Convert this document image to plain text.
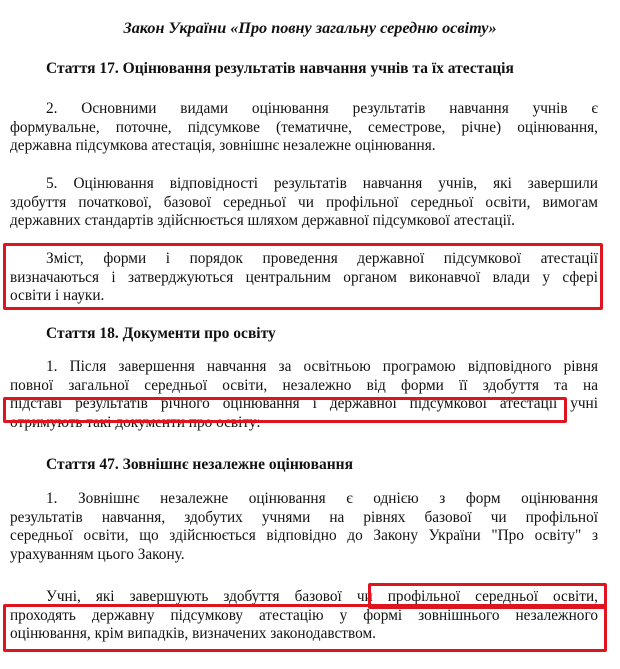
Закон України «Про повну загальну середню освіту»
Стаття 17. Оцінювання результатів навчання учнів та їх атестація

2. Основними видами оцінювання результатів навчання учнів є
формувальне, поточне, підсумкове (тематичне, семестрове, річне) оцінювання,
державна підсумкова атестація, зовнішнє незалежне оцінювання.

5. Оцінювання відповідності результатів навчання учнів, які завершили
здобуття початкової, базової середньої чи профільної середньої освіти, вимогам
державних стандартів здійснюється шляхом державної підсумкової атестації.

Зміст, форми і порядок проведення державної підсумкової атестації
визначаються і затверджуються центральним органом виконавчої влади у сфері
освіти і науки.

Стаття 18. Документи про освіту

1. Після завершення навчання за освітньою програмою відповідного рівня
повної загальної середньої освіти, незалежно від форми її здобуття та на
підставі результатів річного оцінювання і державної підсумкової атестації учні
отримують такі документи про освіту:

Стаття 47. Зовнішнє незалежне оцінювання

1. Зовнішнє незалежне оцінювання є однією з форм оцінювання
результатів навчання, здобутих учнями на рівнях базової чи профільної
середньої освіти, що здійснюється відповідно до Закону України "Про освіту" з
урахуванням цього Закону.

Учні, які завершують здобуття базової чи профільної середньої освіти,
проходять державну підсумкову атестацію у формі зовнішнього незалежного
оцінювання, крім випадків, визначених законодавством.
